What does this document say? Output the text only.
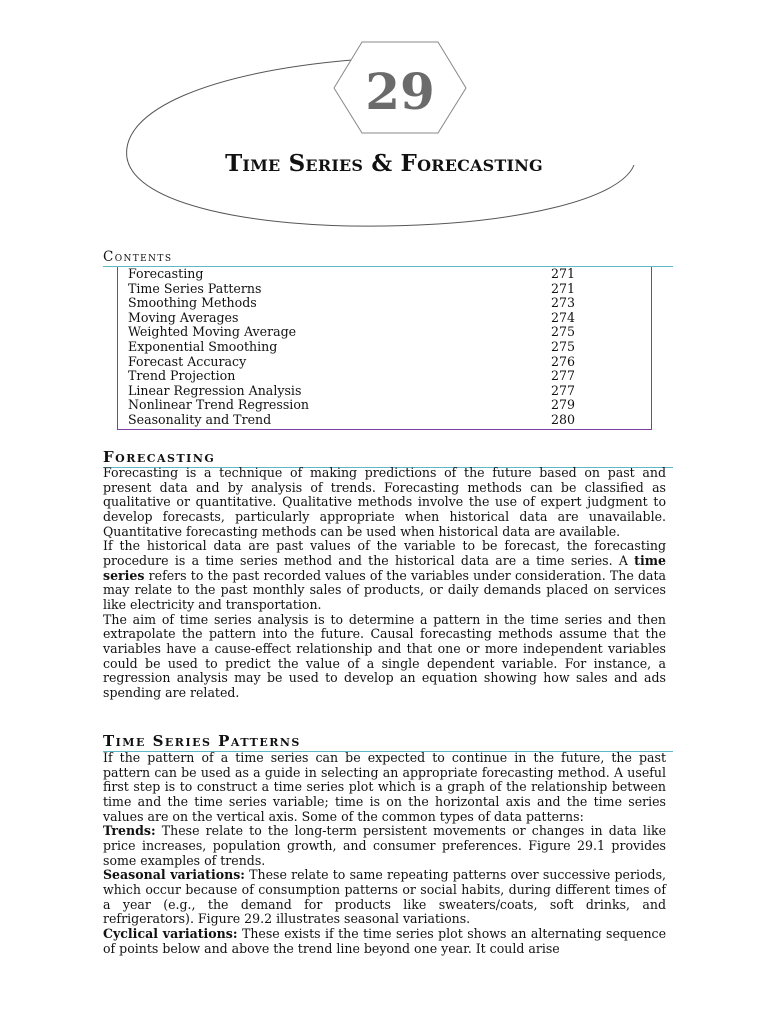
29
Time Series & Forecasting
Contents
Forecasting	271
Time Series Patterns	271
Smoothing Methods	273
Moving Averages	274
Weighted Moving Average	275
Exponential Smoothing	275
Forecast Accuracy	276
Trend Projection	277
Linear Regression Analysis	277
Nonlinear Trend Regression	279
Seasonality and Trend	280
Forecasting

Forecasting is a technique of making predictions of the future based on past and present data and by analysis of trends. Forecasting methods can be classified as qualitative or quantitative. Qualitative methods involve the use of expert judgment to develop forecasts, particularly appropriate when historical data are unavailable. Quantitative forecasting methods can be used when historical data are available.

If the historical data are past values of the variable to be forecast, the forecasting procedure is a time series method and the historical data are a time series. A time series refers to the past recorded values of the variables under consideration. The data may relate to the past monthly sales of products, or daily demands placed on services like electricity and transportation.

The aim of time series analysis is to determine a pattern in the time series and then extrapolate the pattern into the future. Causal forecasting methods assume that the variables have a cause-effect relationship and that one or more independent variables could be used to predict the value of a single dependent variable. For instance, a regression analysis may be used to develop an equation showing how sales and ads spending are related.

Time Series Patterns

If the pattern of a time series can be expected to continue in the future, the past pattern can be used as a guide in selecting an appropriate forecasting method. A useful first step is to construct a time series plot which is a graph of the relationship between time and the time series variable; time is on the horizontal axis and the time series values are on the vertical axis. Some of the common types of data patterns:

Trends: These relate to the long-term persistent movements or changes in data like price increases, population growth, and consumer preferences. Figure 29.1 provides some examples of trends.

Seasonal variations: These relate to same repeating patterns over successive periods, which occur because of consumption patterns or social habits, during different times of a year (e.g., the demand for products like sweaters/coats, soft drinks, and refrigerators). Figure 29.2 illustrates seasonal variations.

Cyclical variations: These exists if the time series plot shows an alternating sequence of points below and above the trend line beyond one year. It could arise
